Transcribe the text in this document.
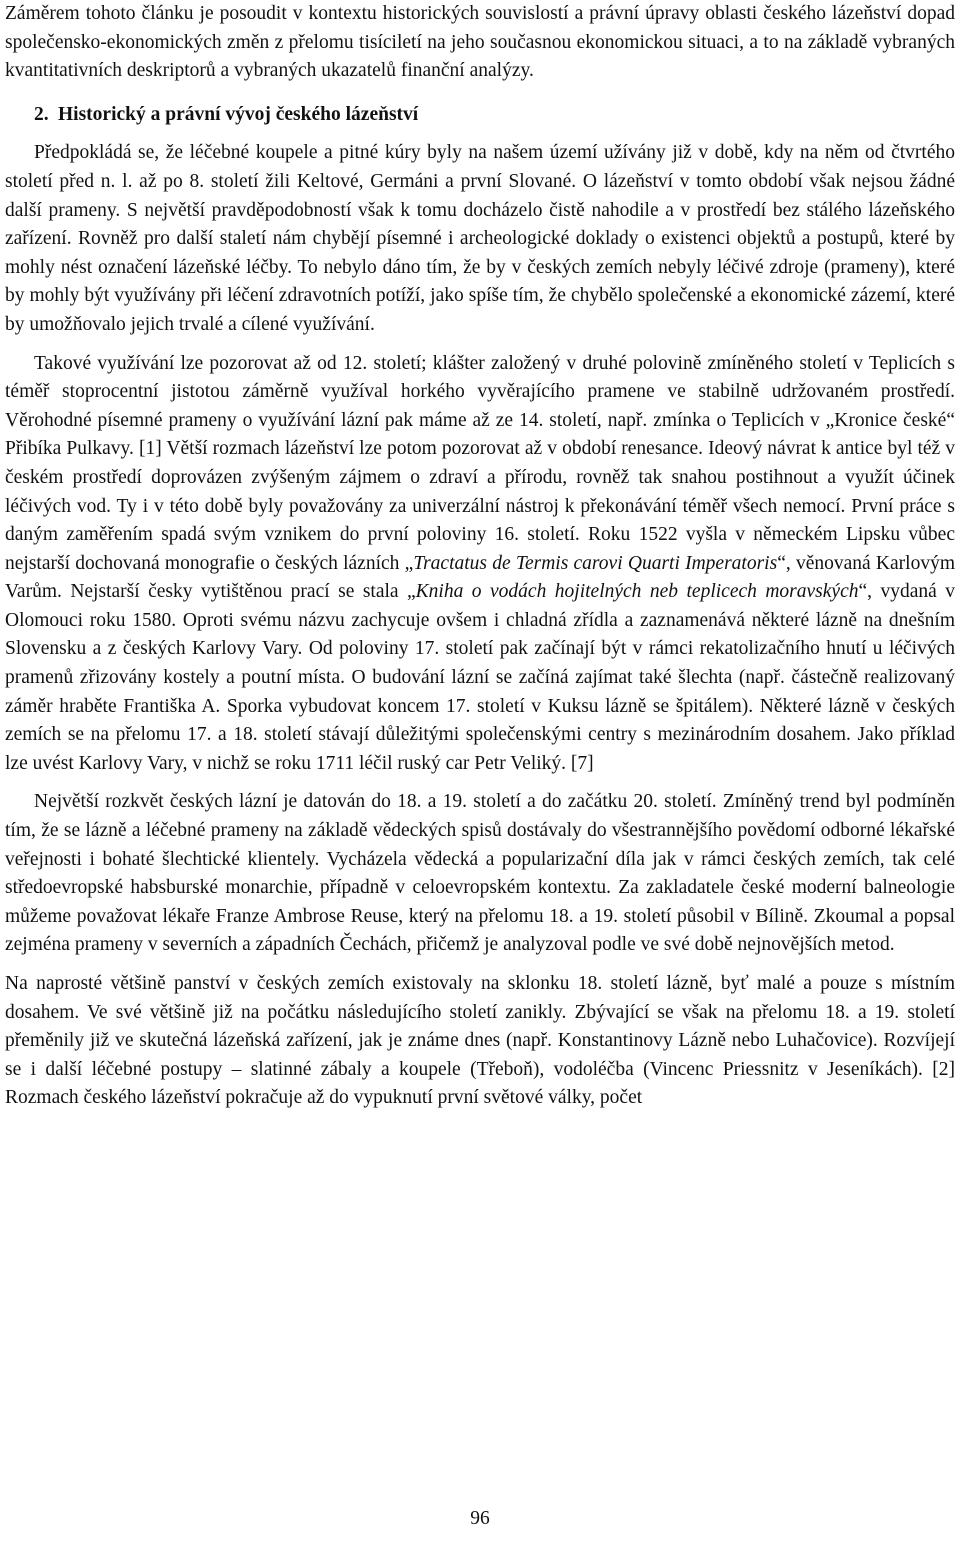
Záměrem tohoto článku je posoudit v kontextu historických souvislostí a právní úpravy oblasti českého lázeňství dopad společensko-ekonomických změn z přelomu tisíciletí na jeho současnou ekonomickou situaci, a to na základě vybraných kvantitativních deskriptorů a vybraných ukazatelů finanční analýzy.

2. Historický a právní vývoj českého lázeňství

Předpokládá se, že léčebné koupele a pitné kúry byly na našem území užívány již v době, kdy na něm od čtvrtého století před n. l. až po 8. století žili Keltové, Germáni a první Slované. O lázeňství v tomto období však nejsou žádné další prameny. S největší pravděpodobností však k tomu docházelo čistě nahodile a v prostředí bez stálého lázeňského zařízení. Rovněž pro další staletí nám chybějí písemné i archeologické doklady o existenci objektů a postupů, které by mohly nést označení lázeňské léčby. To nebylo dáno tím, že by v českých zemích nebyly léčivé zdroje (prameny), které by mohly být využívány při léčení zdravotních potíží, jako spíše tím, že chybělo společenské a ekonomické zázemí, které by umožňovalo jejich trvalé a cílené využívání.

Takové využívání lze pozorovat až od 12. století; klášter založený v druhé polovině zmíněného století v Teplicích s téměř stoprocentní jistotou záměrně využíval horkého vyvěrajícího pramene ve stabilně udržovaném prostředí. Věrohodné písemné prameny o využívání lázní pak máme až ze 14. století, např. zmínka o Teplicích v „Kronice české“ Přibíka Pulkavy. [1] Větší rozmach lázeňství lze potom pozorovat až v období renesance. Ideový návrat k antice byl též v českém prostředí doprovázen zvýšeným zájmem o zdraví a přírodu, rovněž tak snahou postihnout a využít účinek léčivých vod. Ty i v této době byly považovány za univerzální nástroj k překonávání téměř všech nemocí. První práce s daným zaměřením spadá svým vznikem do první poloviny 16. století. Roku 1522 vyšla v německém Lipsku vůbec nejstarší dochovaná monografie o českých lázních „Tractatus de Termis carovi Quarti Imperatoris“, věnovaná Karlovým Varům. Nejstarší česky vytištěnou prací se stala „Kniha o vodách hojitelných neb teplicech moravských“, vydaná v Olomouci roku 1580. Oproti svému názvu zachycuje ovšem i chladná zřídla a zaznamenává některé lázně na dnešním Slovensku a z českých Karlovy Vary. Od poloviny 17. století pak začínají být v rámci rekatolizačního hnutí u léčivých pramenů zřizovány kostely a poutní místa. O budování lázní se začíná zajímat také šlechta (např. částečně realizovaný záměr hraběte Františka A. Sporka vybudovat koncem 17. století v Kuksu lázně se špitálem). Některé lázně v českých zemích se na přelomu 17. a 18. století stávají důležitými společenskými centry s mezinárodním dosahem. Jako příklad lze uvést Karlovy Vary, v nichž se roku 1711 léčil ruský car Petr Veliký. [7]

Největší rozkvět českých lázní je datován do 18. a 19. století a do začátku 20. století. Zmíněný trend byl podmíněn tím, že se lázně a léčebné prameny na základě vědeckých spisů dostávaly do všestrannějšího povědomí odborné lékařské veřejnosti i bohaté šlechtické klientely. Vycházela vědecká a popularizační díla jak v rámci českých zemích, tak celé středoevropské habsburské monarchie, případně v celoevropském kontextu. Za zakladatele české moderní balneologie můžeme považovat lékaře Franze Ambrose Reuse, který na přelomu 18. a 19. století působil v Bílině. Zkoumal a popsal zejména prameny v severních a západních Čechách, přičemž je analyzoval podle ve své době nejnovějších metod.

Na naprosté většině panství v českých zemích existovaly na sklonku 18. století lázně, byť malé a pouze s místním dosahem. Ve své většině již na počátku následujícího století zanikly. Zbývající se však na přelomu 18. a 19. století přeměnily již ve skutečná lázeňská zařízení, jak je známe dnes (např. Konstantinovy Lázně nebo Luhačovice). Rozvíjejí se i další léčebné postupy – slatinné zábaly a koupele (Třeboň), vodoléčba (Vincenc Priessnitz v Jeseníkách). [2] Rozmach českého lázeňství pokračuje až do vypuknutí první světové války, počet

96
